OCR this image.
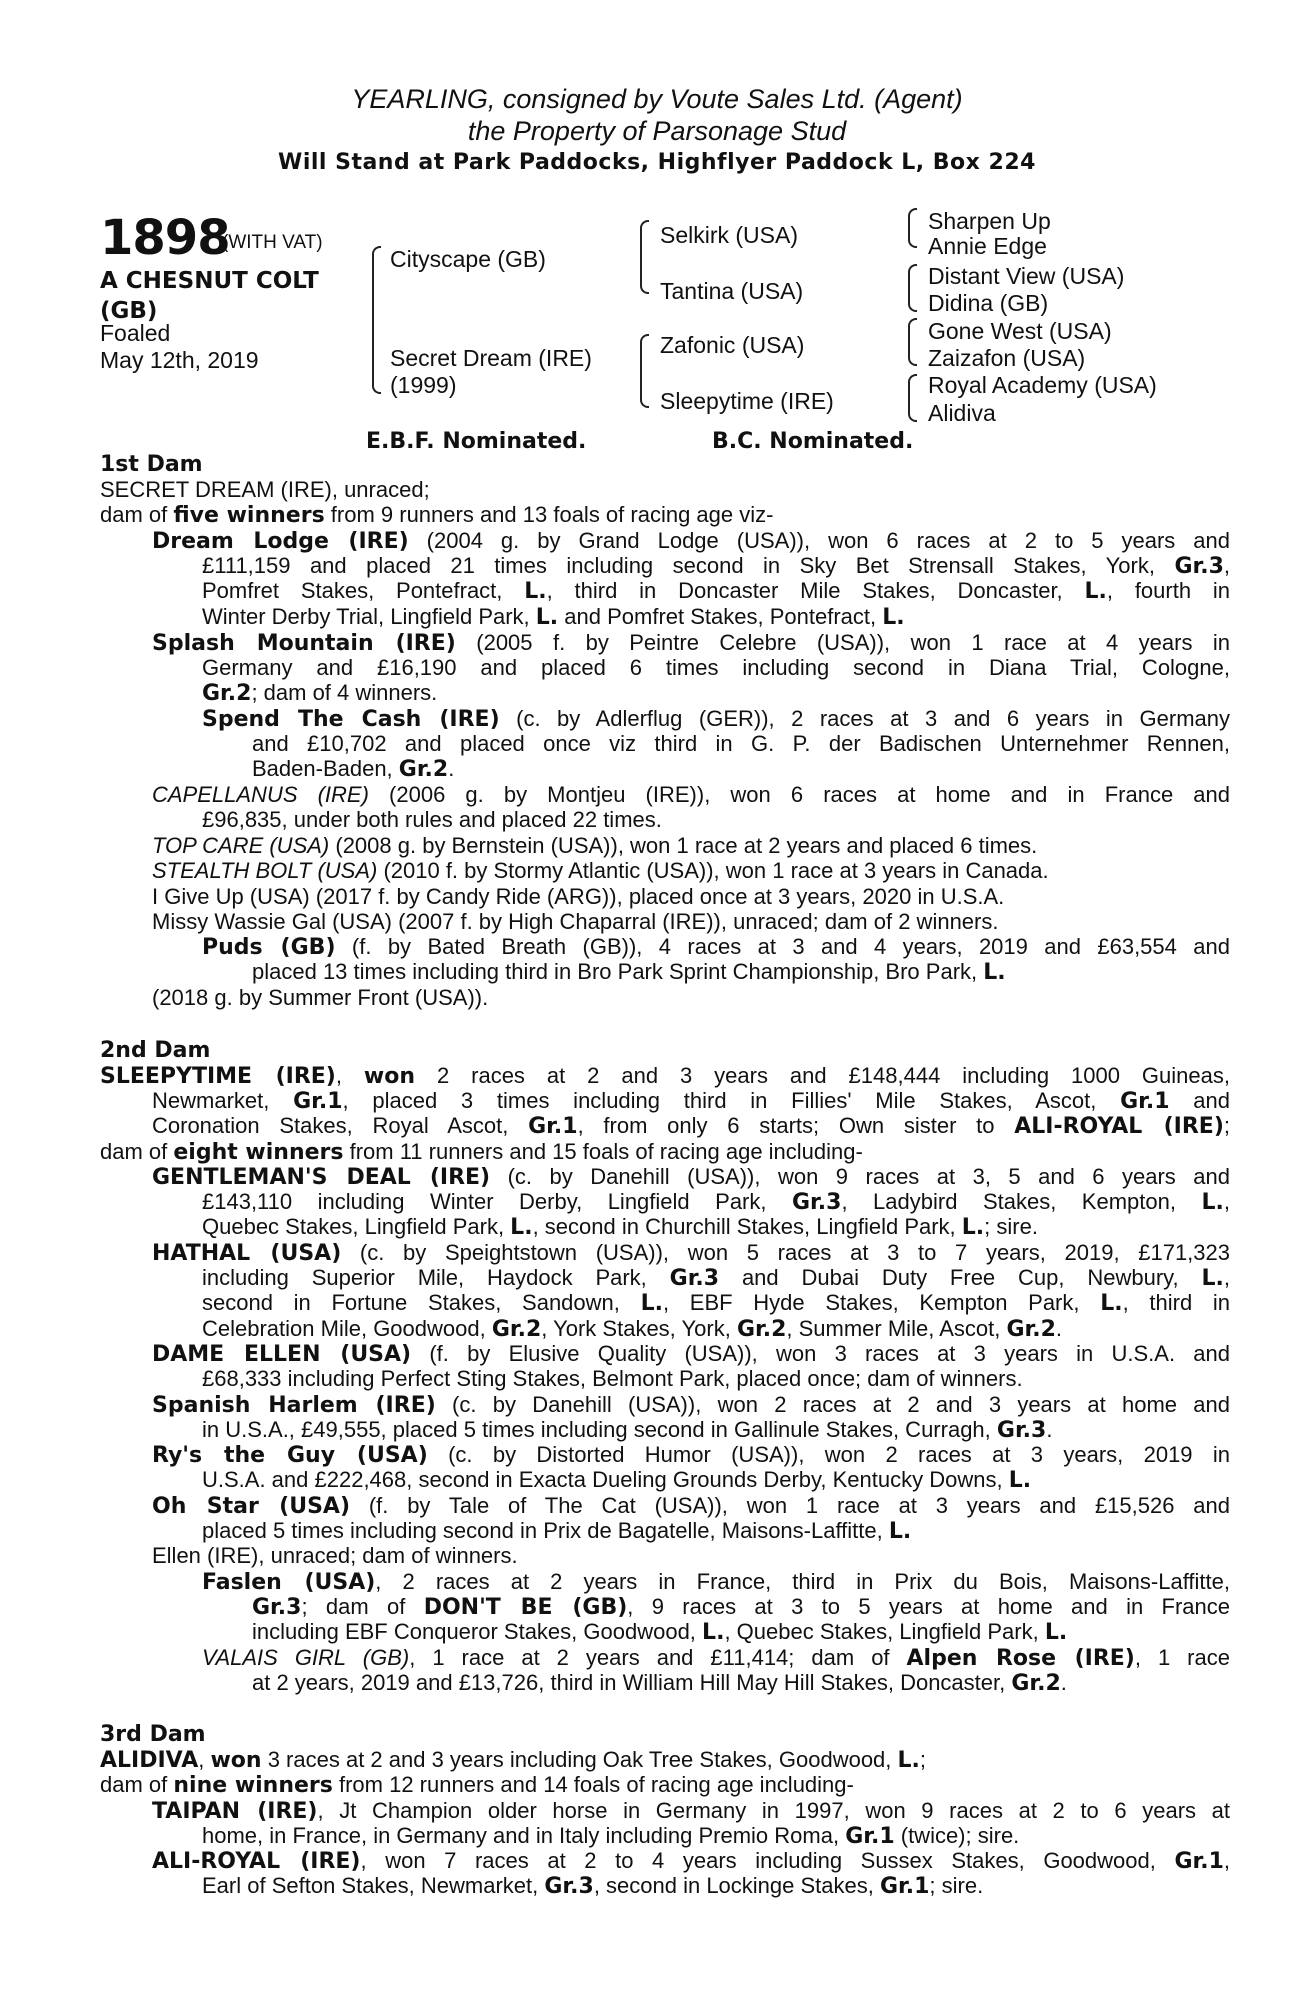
YEARLING, consigned by Voute Sales Ltd. (Agent)
the Property of Parsonage Stud
Will Stand at Park Paddocks, Highflyer Paddock L, Box 224
1898
(WITH VAT)
A CHESNUT COLT
(GB)
Foaled
May 12th, 2019
Cityscape (GB)
Secret Dream (IRE)
(1999)
Selkirk (USA)
Tantina (USA)
Zafonic (USA)
Sleepytime (IRE)
Sharpen Up
Annie Edge
Distant View (USA)
Didina (GB)
Gone West (USA)
Zaizafon (USA)
Royal Academy (USA)
Alidiva
E.B.F. Nominated.	B.C. Nominated.
1st Dam
SECRET DREAM (IRE), unraced;
dam of five winners from 9 runners and 13 foals of racing age viz-
Dream Lodge (IRE) (2004 g. by Grand Lodge (USA)), won 6 races at 2 to 5 years and
£111,159 and placed 21 times including second in Sky Bet Strensall Stakes, York, Gr.3,
Pomfret Stakes, Pontefract, L., third in Doncaster Mile Stakes, Doncaster, L., fourth in
Winter Derby Trial, Lingfield Park, L. and Pomfret Stakes, Pontefract, L.
Splash Mountain (IRE) (2005 f. by Peintre Celebre (USA)), won 1 race at 4 years in
Germany and £16,190 and placed 6 times including second in Diana Trial, Cologne,
Gr.2; dam of 4 winners.
Spend The Cash (IRE) (c. by Adlerflug (GER)), 2 races at 3 and 6 years in Germany
and £10,702 and placed once viz third in G. P. der Badischen Unternehmer Rennen,
Baden-Baden, Gr.2.
CAPELLANUS (IRE) (2006 g. by Montjeu (IRE)), won 6 races at home and in France and
£96,835, under both rules and placed 22 times.
TOP CARE (USA) (2008 g. by Bernstein (USA)), won 1 race at 2 years and placed 6 times.
STEALTH BOLT (USA) (2010 f. by Stormy Atlantic (USA)), won 1 race at 3 years in Canada.
I Give Up (USA) (2017 f. by Candy Ride (ARG)), placed once at 3 years, 2020 in U.S.A.
Missy Wassie Gal (USA) (2007 f. by High Chaparral (IRE)), unraced; dam of 2 winners.
Puds (GB) (f. by Bated Breath (GB)), 4 races at 3 and 4 years, 2019 and £63,554 and
placed 13 times including third in Bro Park Sprint Championship, Bro Park, L.
(2018 g. by Summer Front (USA)).
2nd Dam
SLEEPYTIME (IRE), won 2 races at 2 and 3 years and £148,444 including 1000 Guineas,
Newmarket, Gr.1, placed 3 times including third in Fillies' Mile Stakes, Ascot, Gr.1 and
Coronation Stakes, Royal Ascot, Gr.1, from only 6 starts; Own sister to ALI-ROYAL (IRE);
dam of eight winners from 11 runners and 15 foals of racing age including-
GENTLEMAN'S DEAL (IRE) (c. by Danehill (USA)), won 9 races at 3, 5 and 6 years and
£143,110 including Winter Derby, Lingfield Park, Gr.3, Ladybird Stakes, Kempton, L.,
Quebec Stakes, Lingfield Park, L., second in Churchill Stakes, Lingfield Park, L.; sire.
HATHAL (USA) (c. by Speightstown (USA)), won 5 races at 3 to 7 years, 2019, £171,323
including Superior Mile, Haydock Park, Gr.3 and Dubai Duty Free Cup, Newbury, L.,
second in Fortune Stakes, Sandown, L., EBF Hyde Stakes, Kempton Park, L., third in
Celebration Mile, Goodwood, Gr.2, York Stakes, York, Gr.2, Summer Mile, Ascot, Gr.2.
DAME ELLEN (USA) (f. by Elusive Quality (USA)), won 3 races at 3 years in U.S.A. and
£68,333 including Perfect Sting Stakes, Belmont Park, placed once; dam of winners.
Spanish Harlem (IRE) (c. by Danehill (USA)), won 2 races at 2 and 3 years at home and
in U.S.A., £49,555, placed 5 times including second in Gallinule Stakes, Curragh, Gr.3.
Ry's the Guy (USA) (c. by Distorted Humor (USA)), won 2 races at 3 years, 2019 in
U.S.A. and £222,468, second in Exacta Dueling Grounds Derby, Kentucky Downs, L.
Oh Star (USA) (f. by Tale of The Cat (USA)), won 1 race at 3 years and £15,526 and
placed 5 times including second in Prix de Bagatelle, Maisons-Laffitte, L.
Ellen (IRE), unraced; dam of winners.
Faslen (USA), 2 races at 2 years in France, third in Prix du Bois, Maisons-Laffitte,
Gr.3; dam of DON'T BE (GB), 9 races at 3 to 5 years at home and in France
including EBF Conqueror Stakes, Goodwood, L., Quebec Stakes, Lingfield Park, L.
VALAIS GIRL (GB), 1 race at 2 years and £11,414; dam of Alpen Rose (IRE), 1 race
at 2 years, 2019 and £13,726, third in William Hill May Hill Stakes, Doncaster, Gr.2.
3rd Dam
ALIDIVA, won 3 races at 2 and 3 years including Oak Tree Stakes, Goodwood, L.;
dam of nine winners from 12 runners and 14 foals of racing age including-
TAIPAN (IRE), Jt Champion older horse in Germany in 1997, won 9 races at 2 to 6 years at
home, in France, in Germany and in Italy including Premio Roma, Gr.1 (twice); sire.
ALI-ROYAL (IRE), won 7 races at 2 to 4 years including Sussex Stakes, Goodwood, Gr.1,
Earl of Sefton Stakes, Newmarket, Gr.3, second in Lockinge Stakes, Gr.1; sire.
